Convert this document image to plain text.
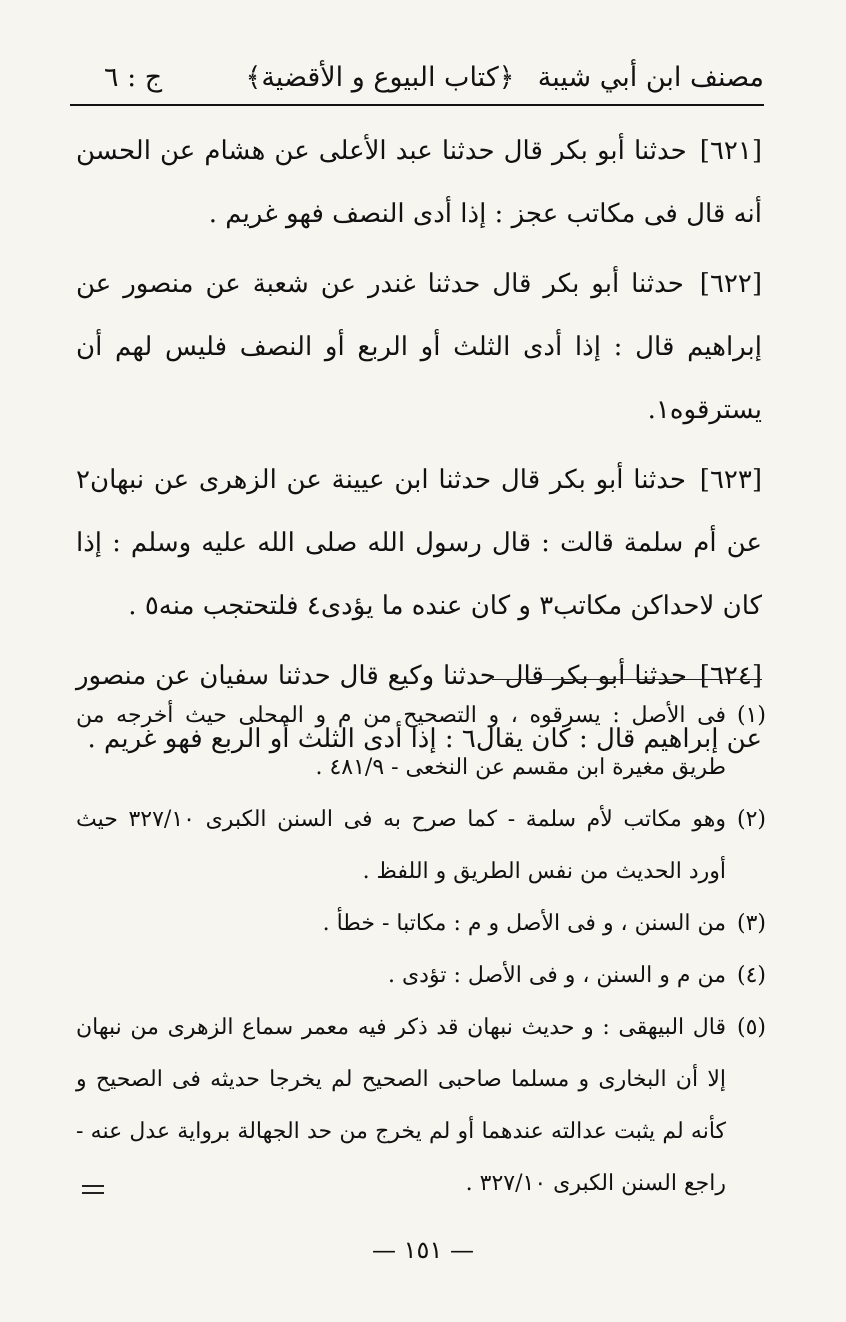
مصنف ابن أبي شيبة
﴿كتاب البيوع و الأقضية﴾
ج : ٦

[٦٢١] حدثنا أبو بكر قال حدثنا عبد الأعلى عن هشام عن الحسن أنه قال فى مكاتب عجز : إذا أدى النصف فهو غريم .

[٦٢٢] حدثنا أبو بكر قال حدثنا غندر عن شعبة عن منصور عن إبراهيم قال : إذا أدى الثلث أو الربع أو النصف فليس لهم أن يسترقوه١.

[٦٢٣] حدثنا أبو بكر قال حدثنا ابن عيينة عن الزهرى عن نبهان٢ عن أم سلمة قالت : قال رسول الله صلى الله عليه وسلم : إذا كان لاحداكن مكاتب٣ و كان عنده ما يؤدى٤ فلتحتجب منه٥ .

[٦٢٤] حدثنا أبو بكر قال حدثنا وكيع قال حدثنا سفيان عن منصور عن إبراهيم قال : كان يقال٦ : إذا أدى الثلث أو الربع فهو غريم .

(١)
فى الأصل : يسرقوه ، و التصحيح من م و المحلى حيث أخرجه من طريق مغيرة ابن مقسم عن النخعى - ٤٨١/٩ .

(٢)
وهو مكاتب لأم سلمة - كما صرح به فى السنن الكبرى ٣٢٧/١٠ حيث أورد الحديث من نفس الطريق و اللفظ .

(٣)
من السنن ، و فى الأصل و م : مكاتبا - خطأ .

(٤)
من م و السنن ، و فى الأصل : تؤدى .

(٥)
قال البيهقى : و حديث نبهان قد ذكر فيه معمر سماع الزهرى من نبهان إلا أن البخارى و مسلما صاحبى الصحيح لم يخرجا حديثه فى الصحيح و كأنه لم يثبت عدالته عندهما أو لم يخرج من حد الجهالة برواية عدل عنه - راجع السنن الكبرى ٣٢٧/١٠ .

— ١٥١ —
